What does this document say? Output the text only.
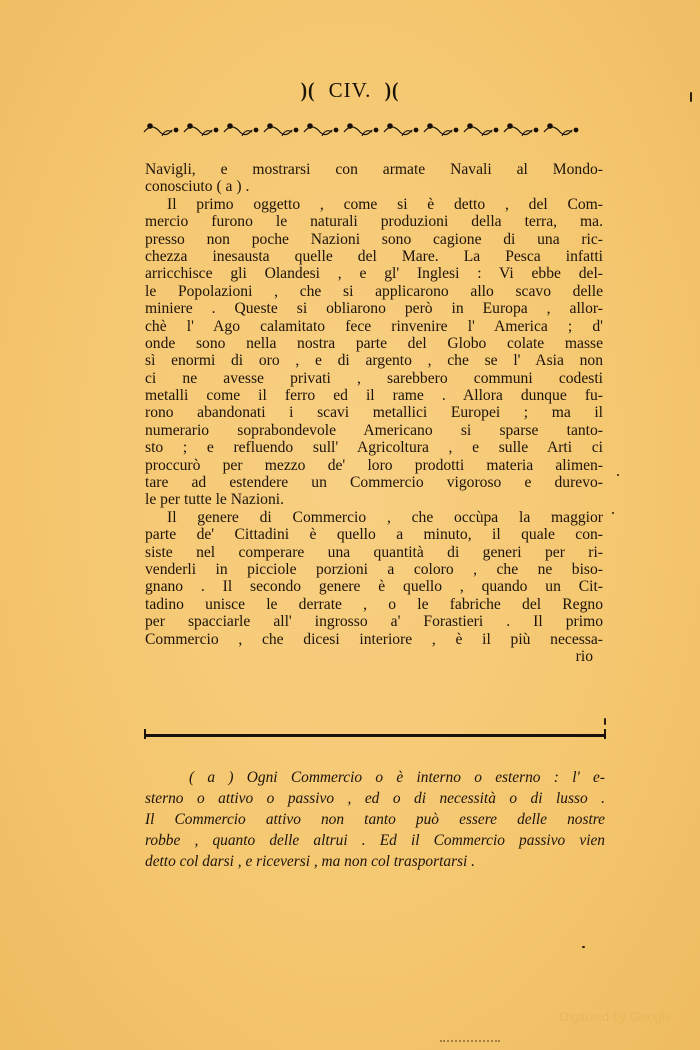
)( CIV. )(
Navigli, e mostrarsi con armate Navali al Mondo-
conosciuto ( a ) .
Il primo oggetto , come si è detto , del Com-
mercio furono le naturali produzioni della terra, ma.
presso non poche Nazioni sono cagione di una ric-
chezza inesausta quelle del Mare. La Pesca infatti
arricchisce gli Olandesi , e gl' Inglesi : Vi ebbe del-
le Popolazioni , che si applicarono allo scavo delle
miniere . Queste si obliarono però in Europa , allor-
chè l' Ago calamitato fece rinvenire l' America ; d'
onde sono nella nostra parte del Globo colate masse
sì enormi di oro , e di argento , che se l' Asia non
ci ne avesse privati , sarebbero communi codesti
metalli come il ferro ed il rame . Allora dunque fu-
rono abandonati i scavi metallici Europei ; ma il
numerario soprabondevole Americano si sparse tanto-
sto ; e refluendo sull' Agricoltura , e sulle Arti ci
proccurò per mezzo de' loro prodotti materia alimen-
tare ad estendere un Commercio vigoroso e durevo-
le per tutte le Nazioni.
Il genere di Commercio , che occùpa la maggior
parte de' Cittadini è quello a minuto, il quale con-
siste nel comperare una quantità di generi per ri-
venderli in picciole porzioni a coloro , che ne biso-
gnano . Il secondo genere è quello , quando un Cit-
tadino unisce le derrate , o le fabriche del Regno
per spacciarle all' ingrosso a' Forastieri . Il primo
Commercio , che dicesi interiore , è il più necessa-
rio
( a ) Ogni Commercio o è interno o esterno : l' e-
sterno o attivo o passivo , ed o di necessità o di lusso .
Il Commercio attivo non tanto può essere delle nostre
robbe , quanto delle altrui . Ed il Commercio passivo vien
detto col darsi , e riceversi , ma non col trasportarsi .
Digitized by Google
